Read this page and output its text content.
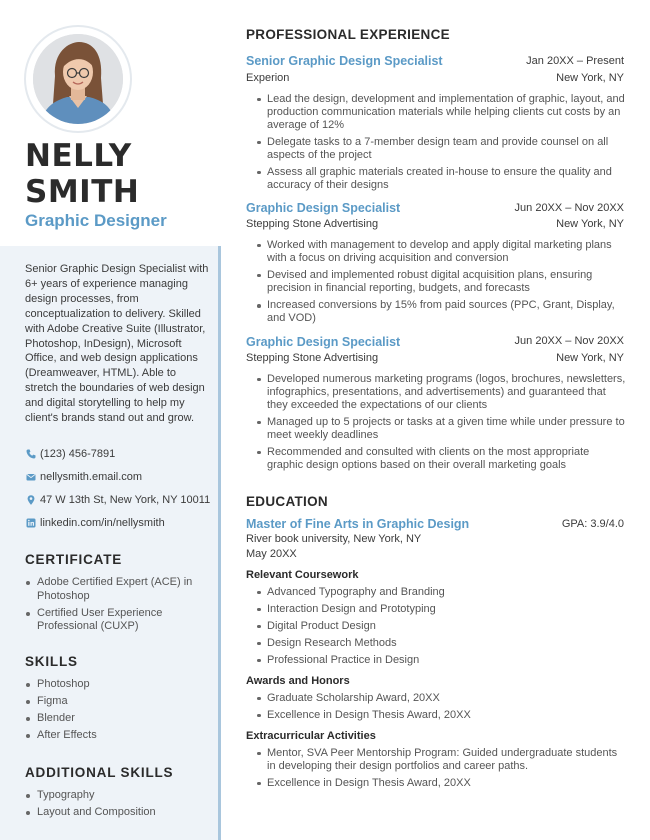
NELLY
SMITH
Graphic Designer
Senior Graphic Design Specialist with 6+ years of experience managing design processes, from conceptualization to delivery. Skilled with Adobe Creative Suite (Illustrator, Photoshop, InDesign), Microsoft Office, and web design applications (Dreamweaver, HTML). Able to stretch the boundaries of web design and digital storytelling to help my client's brands stand out and grow.
(123) 456-7891
nellysmith.email.com
47 W 13th St, New York, NY 10011
linkedin.com/in/nellysmith
CERTIFICATE
Adobe Certified Expert (ACE) in Photoshop
Certified User Experience Professional (CUXP)
SKILLS
Photoshop
Figma
Blender
After Effects
ADDITIONAL SKILLS
Typography
Layout and Composition
PROFESSIONAL EXPERIENCE
Senior Graphic Design Specialist	Jan 20XX – Present
Experion	New York, NY
Lead the design, development and implementation of graphic, layout, and production communication materials while helping clients cut costs by an average of 12%
Delegate tasks to a 7-member design team and provide counsel on all aspects of the project
Assess all graphic materials created in-house to ensure the quality and accuracy of their designs
Graphic Design Specialist	Jun 20XX – Nov 20XX
Stepping Stone Advertising	New York, NY
Worked with management to develop and apply digital marketing plans with a focus on driving acquisition and conversion
Devised and implemented robust digital acquisition plans, ensuring precision in financial reporting, budgets, and forecasts
Increased conversions by 15% from paid sources (PPC, Grant, Display, and VOD)
Graphic Design Specialist	Jun 20XX – Nov 20XX
Stepping Stone Advertising	New York, NY
Developed numerous marketing programs (logos, brochures, newsletters, infographics, presentations, and advertisements) and guaranteed that they exceeded the expectations of our clients
Managed up to 5 projects or tasks at a given time while under pressure to meet weekly deadlines
Recommended and consulted with clients on the most appropriate graphic design options based on their overall marketing goals
EDUCATION
Master of Fine Arts in Graphic Design	GPA: 3.9/4.0
River book university, New York, NY
May 20XX
Relevant Coursework
Advanced Typography and Branding
Interaction Design and Prototyping
Digital Product Design
Design Research Methods
Professional Practice in Design
Awards and Honors
Graduate Scholarship Award, 20XX
Excellence in Design Thesis Award, 20XX
Extracurricular Activities
Mentor, SVA Peer Mentorship Program: Guided undergraduate students in developing their design portfolios and career paths.
Excellence in Design Thesis Award, 20XX
